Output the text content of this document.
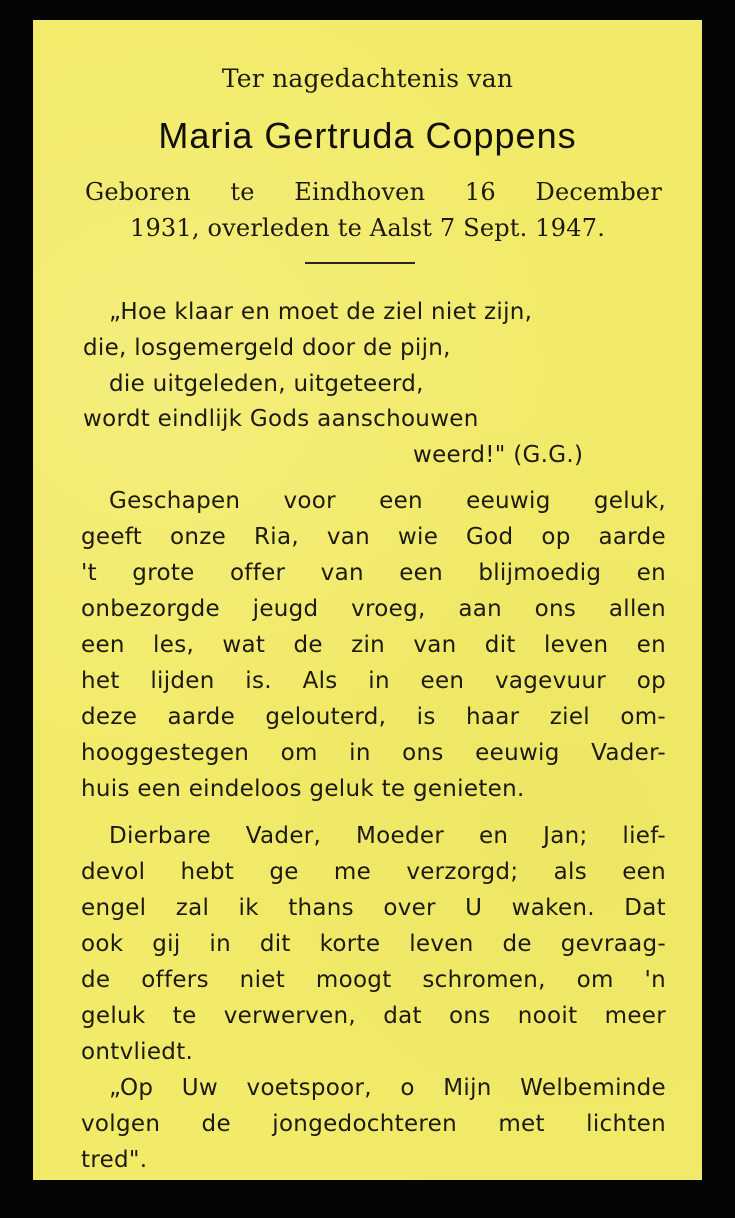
Ter nagedachtenis van
Maria Gertruda Coppens
Geboren te Eindhoven 16 December
1931, overleden te Aalst 7 Sept. 1947.
„Hoe klaar en moet de ziel niet zijn,
die, losgemergeld door de pijn,
die uitgeleden, uitgeteerd,
wordt eindlijk Gods aanschouwen
weerd!" (G.G.)
Geschapen voor een eeuwig geluk,
geeft onze Ria, van wie God op aarde
't grote offer van een blijmoedig en
onbezorgde jeugd vroeg, aan ons allen
een les, wat de zin van dit leven en
het lijden is. Als in een vagevuur op
deze aarde gelouterd, is haar ziel om-
hooggestegen om in ons eeuwig Vader-
huis een eindeloos geluk te genieten.
Dierbare Vader, Moeder en Jan; lief-
devol hebt ge me verzorgd; als een
engel zal ik thans over U waken. Dat
ook gij in dit korte leven de gevraag-
de offers niet moogt schromen, om 'n
geluk te verwerven, dat ons nooit meer
ontvliedt.
„Op Uw voetspoor, o Mijn Welbeminde
volgen de jongedochteren met lichten
tred".
